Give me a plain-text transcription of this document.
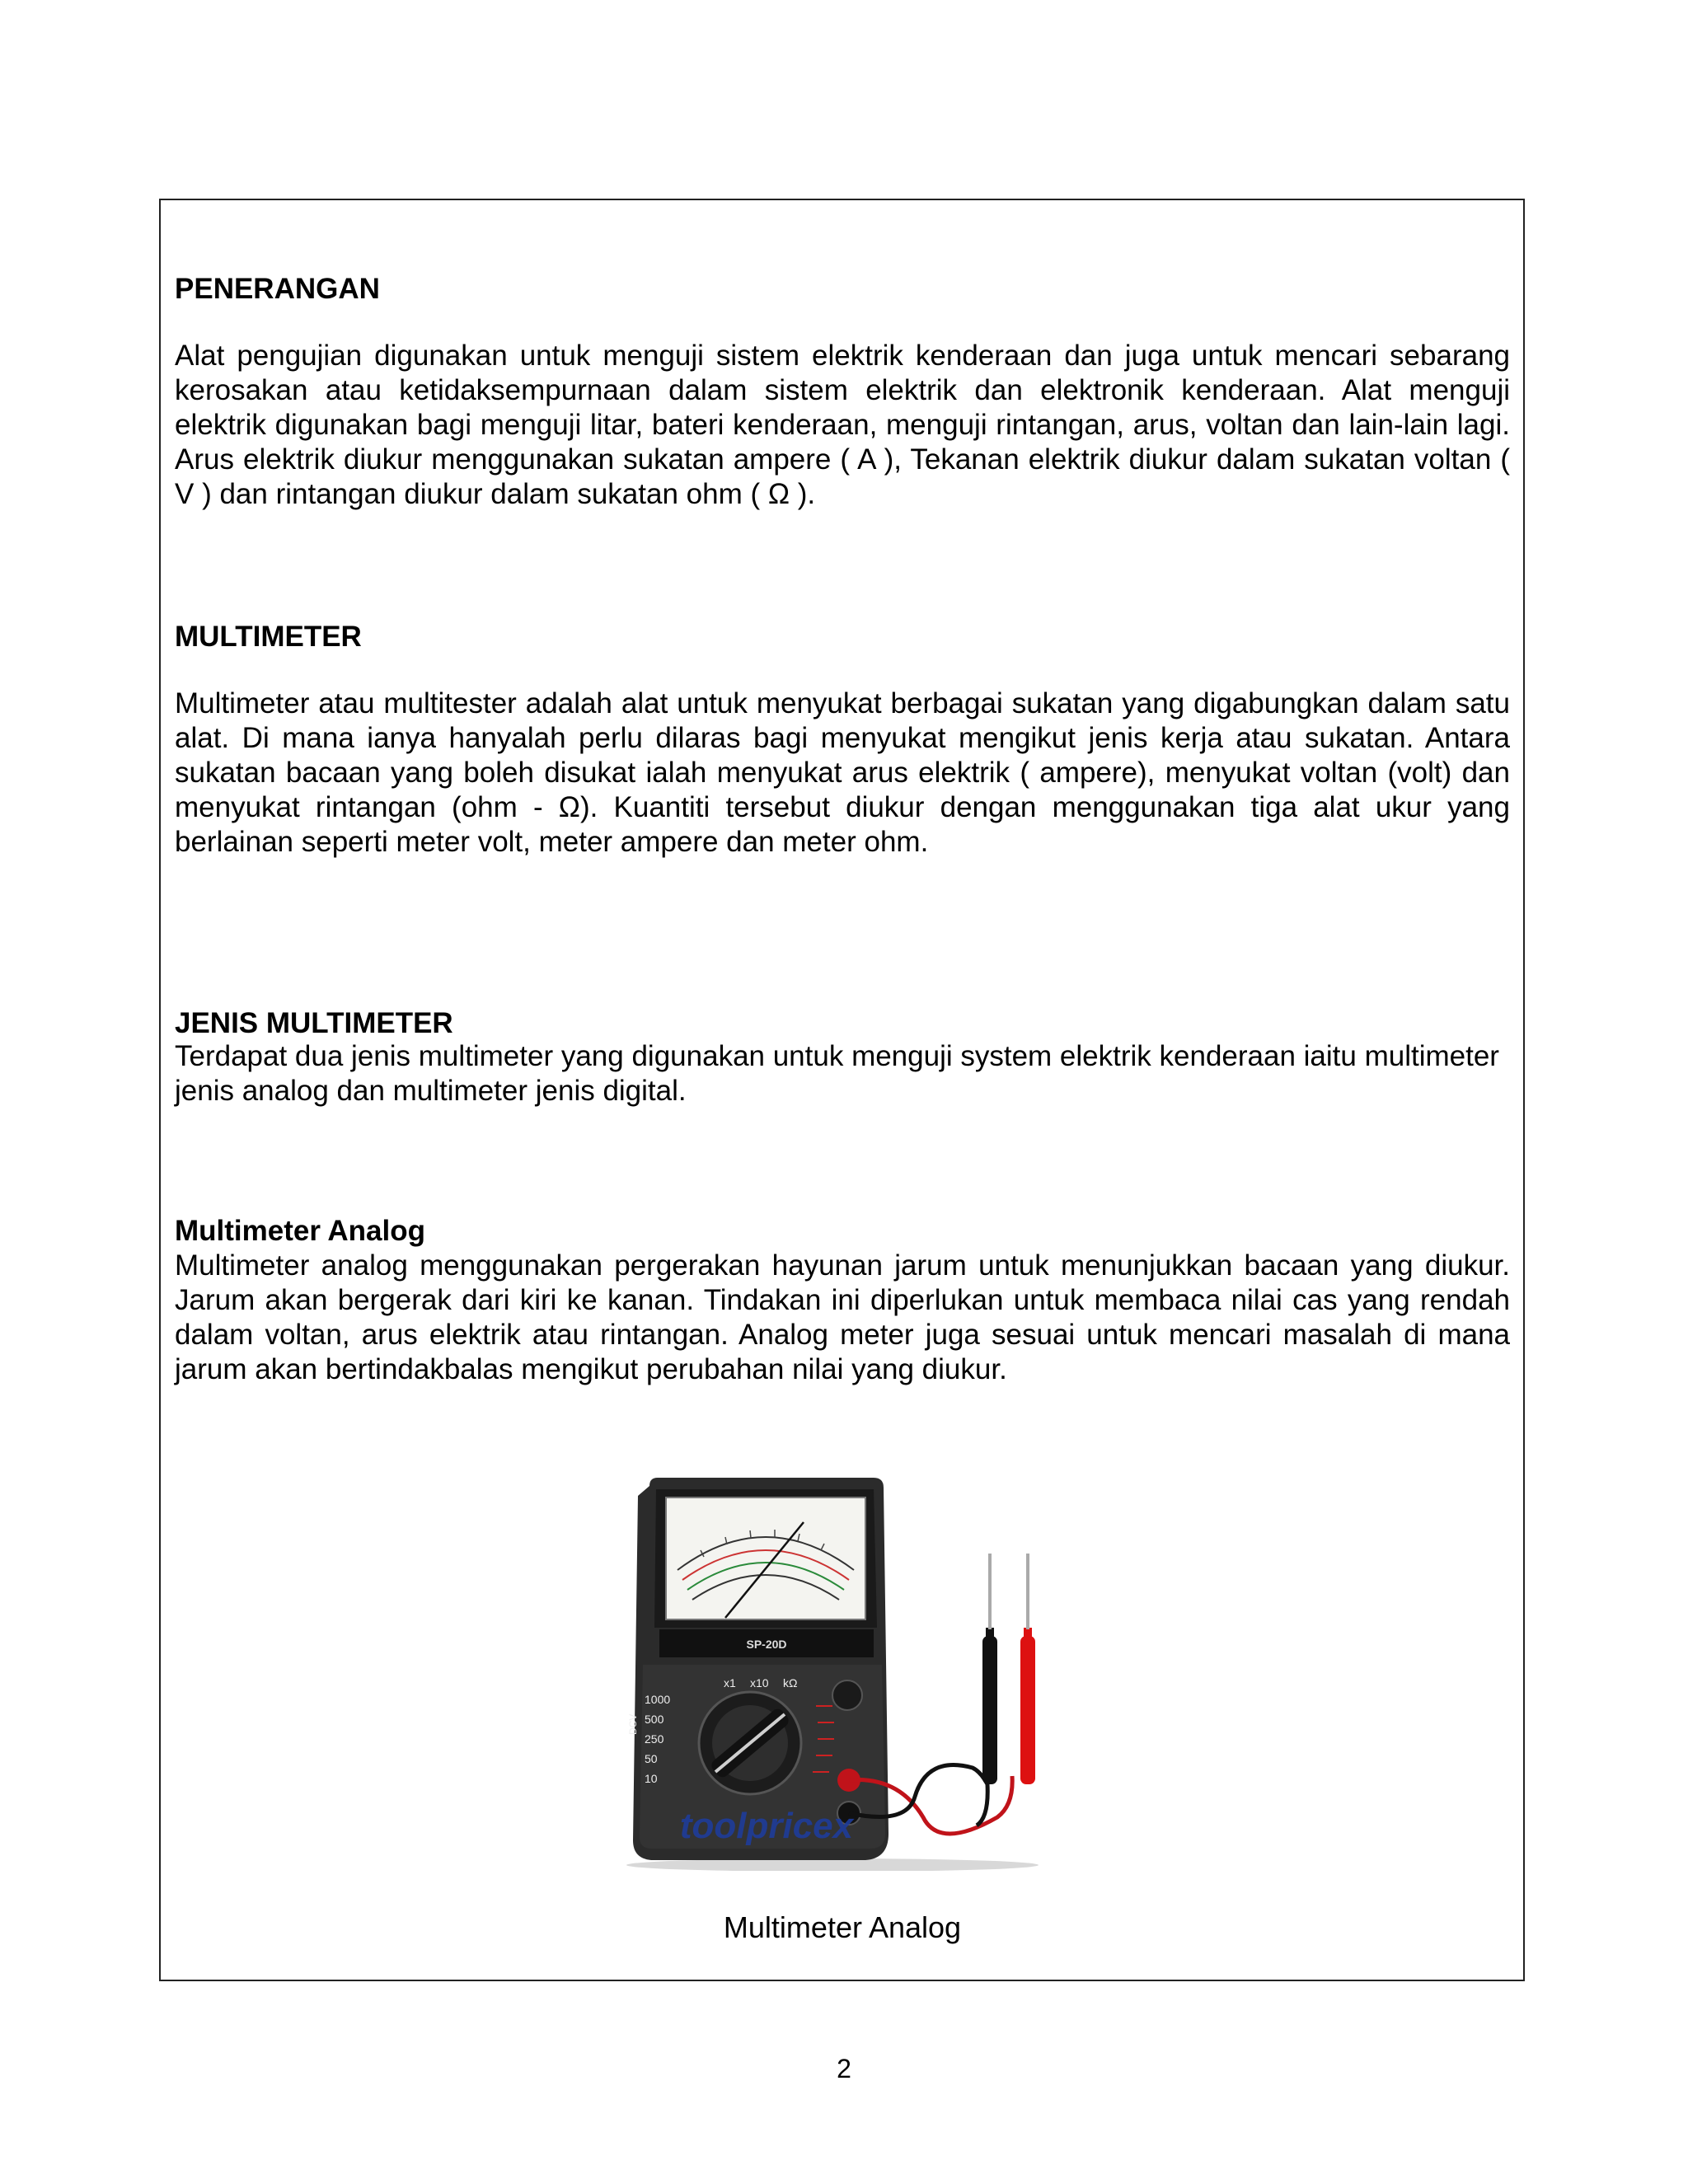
PENERANGAN

Alat pengujian digunakan untuk menguji sistem elektrik kenderaan dan juga untuk mencari sebarang kerosakan atau ketidaksempurnaan dalam sistem elektrik dan elektronik kenderaan. Alat menguji elektrik digunakan bagi menguji litar, bateri kenderaan, menguji rintangan, arus, voltan dan lain-lain lagi. Arus elektrik diukur menggunakan sukatan ampere ( A ), Tekanan elektrik diukur dalam sukatan voltan ( V ) dan rintangan diukur dalam sukatan ohm ( Ω ).

MULTIMETER

Multimeter atau multitester adalah alat untuk menyukat berbagai sukatan yang digabungkan dalam satu alat. Di mana ianya hanyalah perlu dilaras bagi menyukat mengikut jenis kerja atau sukatan. Antara sukatan bacaan yang boleh disukat ialah menyukat arus elektrik ( ampere), menyukat voltan (volt) dan menyukat rintangan (ohm - Ω). Kuantiti tersebut diukur dengan menggunakan tiga alat ukur yang berlainan seperti meter volt, meter ampere dan meter ohm.

JENIS MULTIMETER

Terdapat dua jenis multimeter yang digunakan untuk menguji system elektrik kenderaan iaitu multimeter jenis analog dan multimeter jenis digital.

Multimeter Analog

Multimeter analog menggunakan pergerakan hayunan jarum untuk menunjukkan bacaan yang diukur. Jarum akan bergerak dari kiri ke kanan. Tindakan ini diperlukan untuk membaca nilai cas yang rendah dalam voltan, arus elektrik atau rintangan. Analog meter juga sesuai untuk mencari masalah di mana jarum akan bertindakbalas mengikut perubahan nilai yang diukur.

SP-20D
1000
500
250
50
10
x1 x10 kΩ
DCV
toolpricex
Multimeter Analog
2
